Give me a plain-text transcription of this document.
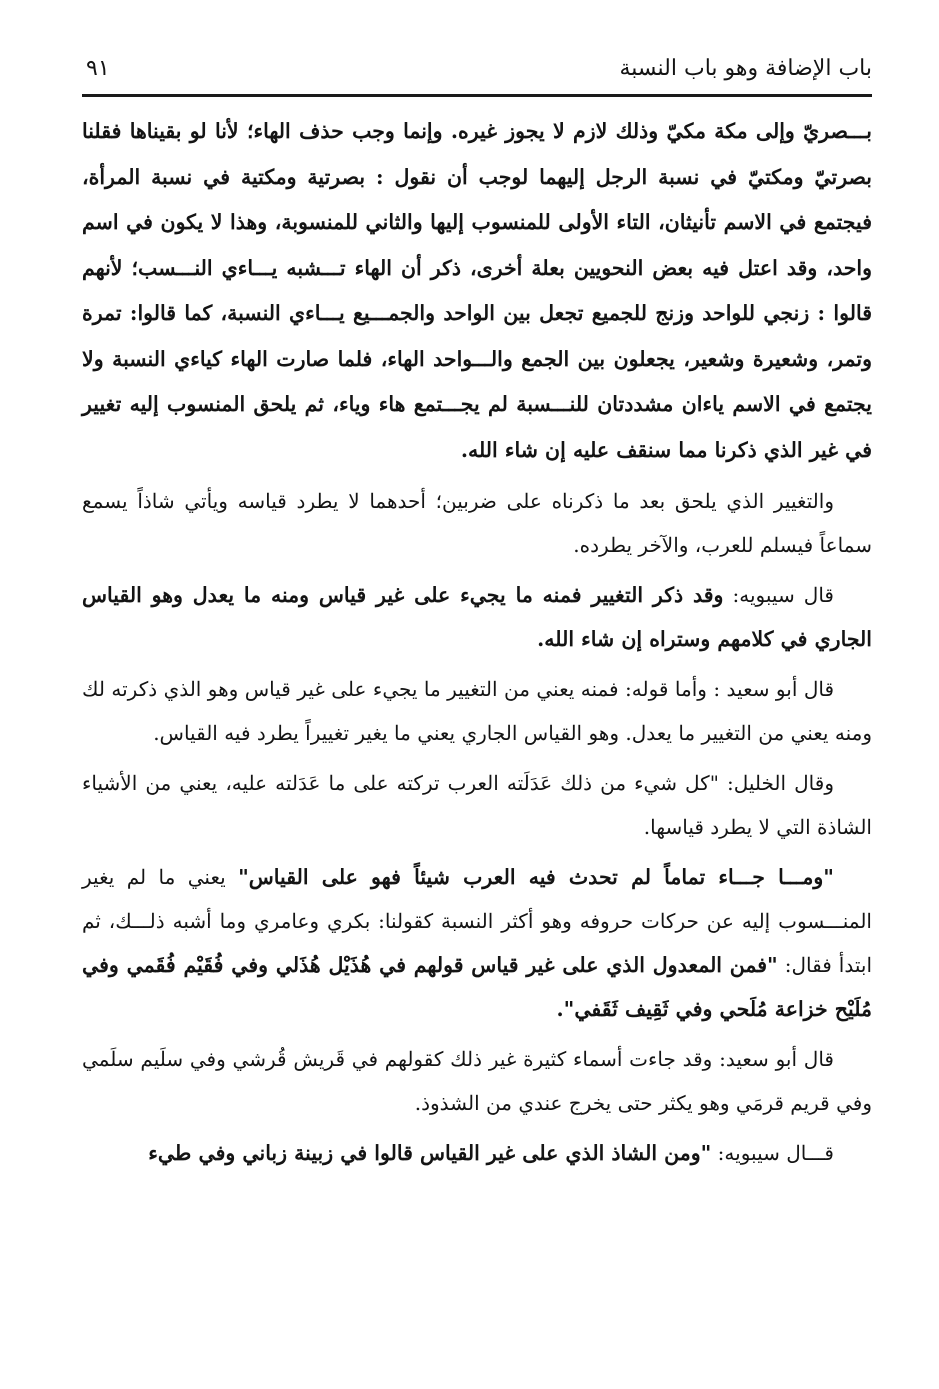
باب الإضافة وهو باب النسبة
٩١

بـــصريّ وإلى مكة مكيّ وذلك لازم لا يجوز غيره. وإنما وجب حذف الهاء؛ لأنا لو بقيناها فقلنا بصرتيّ ومكتيّ في نسبة الرجل إليهما لوجب أن نقول : بصرتية ومكتية في نسبة المرأة، فيجتمع في الاسم تأنيثان، التاء الأولى للمنسوب إليها والثاني للمنسوبة، وهذا لا يكون في اسم واحد، وقد اعتل فيه بعض النحويين بعلة أخرى، ذكر أن الهاء تـــشبه يـــاءي النـــسب؛ لأنهم قالوا : زنجي للواحد وزنج للجميع تجعل بين الواحد والجمـــيع يـــاءي النسبة، كما قالوا: تمرة وتمر، وشعيرة وشعير، يجعلون بين الجمع والـــواحد الهاء، فلما صارت الهاء كياءي النسبة ولا يجتمع في الاسم ياءان مشددتان للنـــسبة لم يجـــتمع هاء وياء، ثم يلحق المنسوب إليه تغيير في غير الذي ذكرنا مما سنقف عليه إن شاء الله.

والتغيير الذي يلحق بعد ما ذكرناه على ضربين؛ أحدهما لا يطرد قياسه ويأتي شاذاً يسمع سماعاً فيسلم للعرب، والآخر يطرده.

قال سيبويه: وقد ذكر التغيير فمنه ما يجيء على غير قياس ومنه ما يعدل وهو القياس الجاري في كلامهم وستراه إن شاء الله.

قال أبو سعيد : وأما قوله: فمنه يعني من التغيير ما يجيء على غير قياس وهو الذي ذكرته لك ومنه يعني من التغيير ما يعدل. وهو القياس الجاري يعني ما يغير تغييراً يطرد فيه القياس.

وقال الخليل: "كل شيء من ذلك عَدَلَته العرب تركته على ما عَدَلته عليه، يعني من الأشياء الشاذة التي لا يطرد قياسها.

"ومـــا جـــاء تماماً لم تحدث فيه العرب شيئاً فهو على القياس" يعني ما لم يغير المنـــسوب إليه عن حركات حروفه وهو أكثر النسبة كقولنا: بكري وعامري وما أشبه ذلـــك، ثم ابتدأ فقال: "فمن المعدول الذي على غير قياس قولهم في هُذَيْل هُذَلي وفي فُقَيْم فُقَمي وفي مُلَيْح خزاعة مُلَحي وفي ثَقِيف ثَقَفي".

قال أبو سعيد: وقد جاءت أسماء كثيرة غير ذلك كقولهم في قَريش قُرشي وفي سلَيم سلَمي وفي قريم قرمَي وهو يكثر حتى يخرج عندي من الشذوذ.

قـــال سيبويه: "ومن الشاذ الذي على غير القياس قالوا في زبينة زباني وفي طيء
